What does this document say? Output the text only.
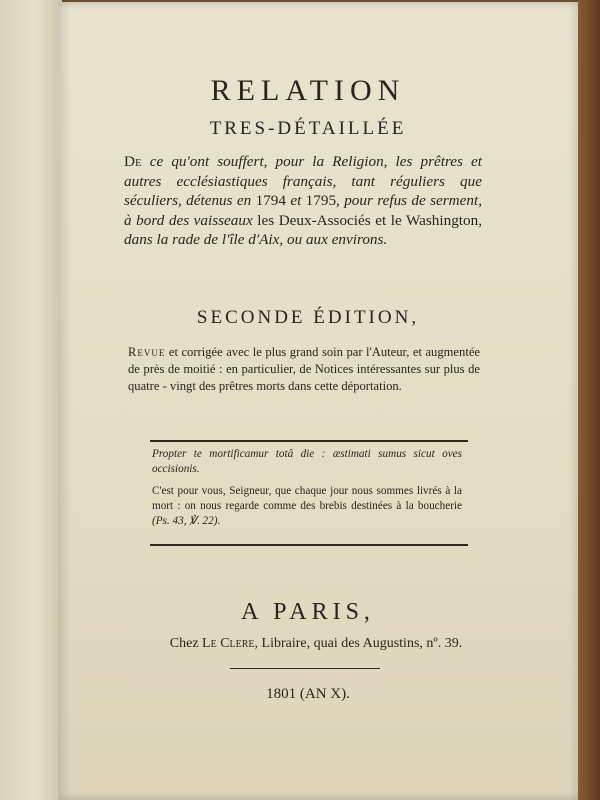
RELATION
TRES-DÉTAILLÉE
De ce qu'ont souffert, pour la Religion, les prêtres et autres ecclésiastiques français, tant réguliers que séculiers, détenus en 1794 et 1795, pour refus de serment, à bord des vaisseaux les Deux-Associés et le Washington, dans la rade de l'île d'Aix, ou aux environs.
SECONDE ÉDITION,
Revue et corrigée avec le plus grand soin par l'Auteur, et augmentée de près de moitié : en particulier, de Notices intéressantes sur plus de quatre - vingt des prêtres morts dans cette déportation.
Propter te mortificamur totâ die : æstimati sumus sicut oves occisionis.
C'est pour vous, Seigneur, que chaque jour nous sommes livrés à la mort : on nous regarde comme des brebis destinées à la boucherie (Ps. 43, ℣. 22).
A PARIS,
Chez Le Clere, Libraire, quai des Augustins, nº. 39.
1801 (AN X).
